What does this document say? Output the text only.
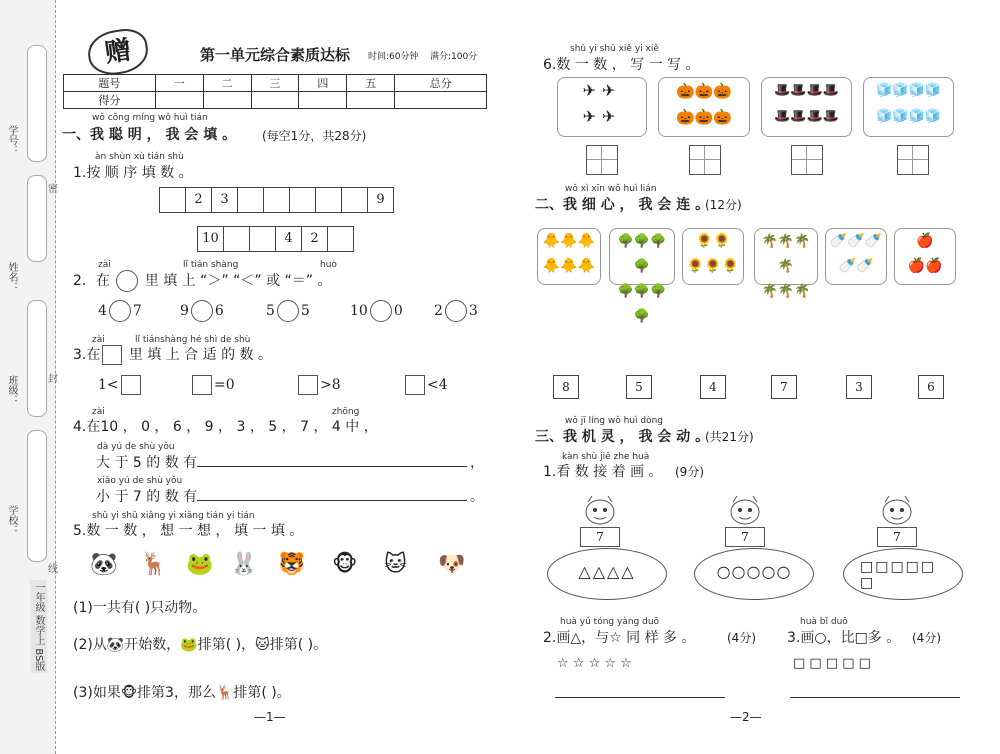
学号：
姓名：
班级：
学校：
密
封
线
一年级 数学上 BS版
赠	第一单元综合素质达标 时间:60分钟 满分:100分
题号	一	二	三	四	五	总分
得分						
wǒ cōng míng wǒ huì tián
一、我 聪 明 ， 我 会 填 。 (每空1分，共28分)
àn shùn xù tián shù
1.按 顺 序 填 数 。
2	3	9
10	4	2
zài	lǐ tián shàng	huò
2．在 里 填 上 “＞” “＜” 或 “＝” 。
4 7	9 6	5 5	10 0 2 3
zài	lǐ tiánshàng hé shì de shù
3.在 里 填 上 合 适 的 数 。
1<	=0	>8	<4
zài	zhōng
4.在10 ， 0 ， 6 ， 9 ， 3 ， 5 ， 7 ， 4 中 ，
dà yú de shù yǒu
大 于 5 的 数 有	，
xiǎo yú de shù yǒu
小 于 7 的 数 有	。
shǔ yi shǔ xiǎng yi xiǎng tián yi tián
5.数 一 数 ， 想 一 想 ， 填 一 填 。
🐼 🦌 🐸 🐰 🐯 🐵 🐱 🐶
(1)一共有( )只动物。
(2)从🐼开始数，🐸排第( )，🐱排第( )。
(3)如果🐵排第3，那么🦌排第( )。
—1—
shǔ yi shǔ xiě yi xiě
6.数 一 数 ， 写 一 写 。
✈✈
✈✈
🎃🎃🎃
🎃🎃🎃
🎩🎩🎩🎩
🎩🎩🎩🎩
🧊🧊🧊🧊
🧊🧊🧊🧊
wǒ xì xīn wǒ huì lián
二、我 细 心 ， 我 会 连 。
(12分)
🐥🐥🐥
🐥🐥🐥
🌳🌳🌳🌳
🌳🌳🌳🌳
🌻🌻
🌻🌻🌻
🌴🌴🌴🌴
🌴🌴🌴
🍼🍼🍼
🍼🍼
🍎
🍎🍎
8	5	4	7	3	6
wǒ jī líng wǒ huì dòng
三、我 机 灵 ， 我 会 动 。
(共21分)
kàn shù jiē zhe huà
1.看 数 接 着 画 。 (9分)
7	7	7
△△△△	○○○○○	□□□□□
□
huà yǔ tóng yàng duō
2.画△，与☆ 同 样 多 。	(4分)
huà bǐ duō
3.画○，比□多 。 (4分)
☆ ☆ ☆ ☆ ☆	□ □ □ □ □
—2—
